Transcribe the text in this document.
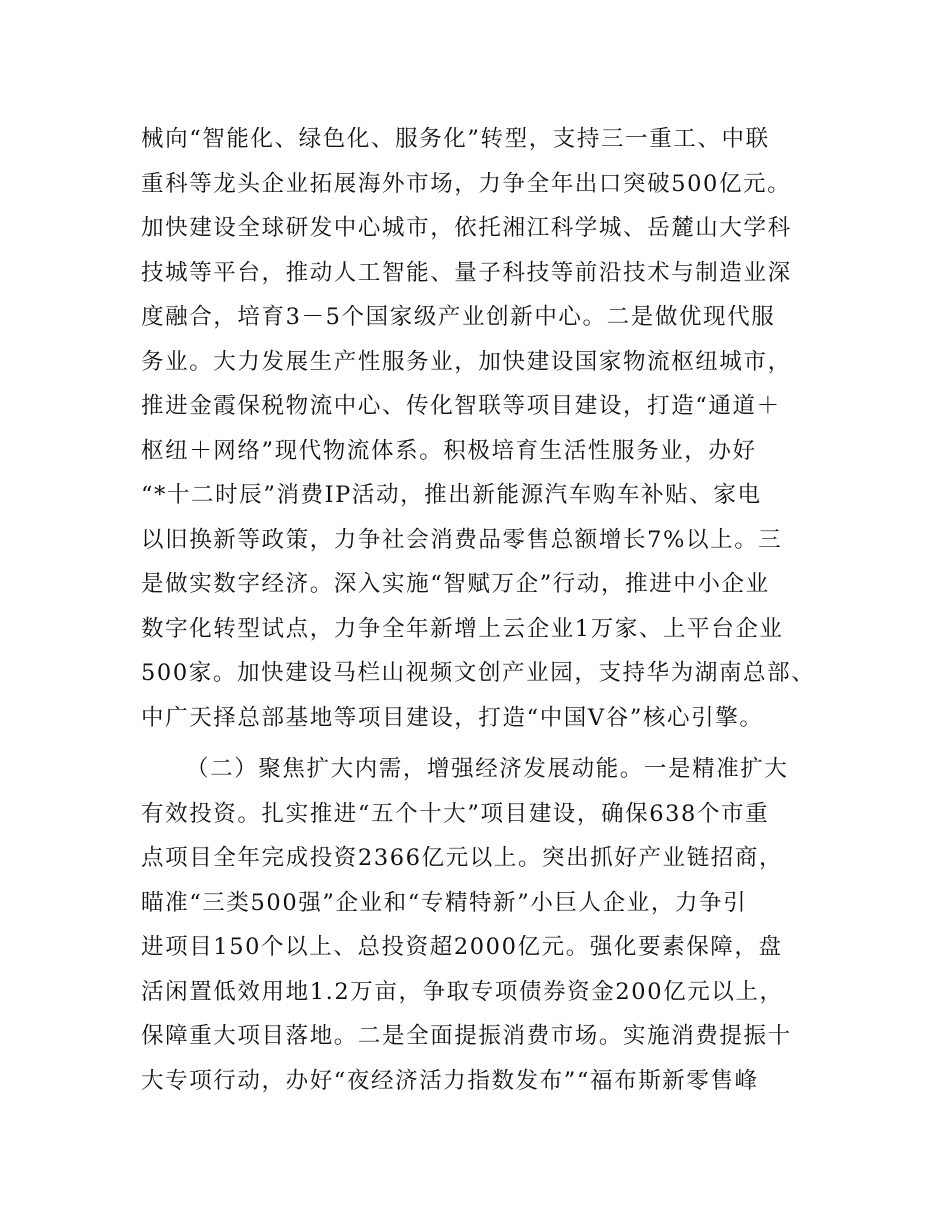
械向“智能化、绿色化、服务化”转型，支持三一重工、中联
重科等龙头企业拓展海外市场，力争全年出口突破500亿元。
加快建设全球研发中心城市，依托湘江科学城、岳麓山大学科
技城等平台，推动人工智能、量子科技等前沿技术与制造业深
度融合，培育3－5个国家级产业创新中心。二是做优现代服
务业。大力发展生产性服务业，加快建设国家物流枢纽城市，
推进金霞保税物流中心、传化智联等项目建设，打造“通道＋
枢纽＋网络”现代物流体系。积极培育生活性服务业，办好
“*十二时辰”消费IP活动，推出新能源汽车购车补贴、家电
以旧换新等政策，力争社会消费品零售总额增长7%以上。三
是做实数字经济。深入实施“智赋万企”行动，推进中小企业
数字化转型试点，力争全年新增上云企业1万家、上平台企业
500家。加快建设马栏山视频文创产业园，支持华为湖南总部、
中广天择总部基地等项目建设，打造“中国V谷”核心引擎。
（二）聚焦扩大内需，增强经济发展动能。一是精准扩大
有效投资。扎实推进“五个十大”项目建设，确保638个市重
点项目全年完成投资2366亿元以上。突出抓好产业链招商，
瞄准“三类500强”企业和“专精特新”小巨人企业，力争引
进项目150个以上、总投资超2000亿元。强化要素保障，盘
活闲置低效用地1.2万亩，争取专项债券资金200亿元以上，
保障重大项目落地。二是全面提振消费市场。实施消费提振十
大专项行动，办好“夜经济活力指数发布”“福布斯新零售峰
